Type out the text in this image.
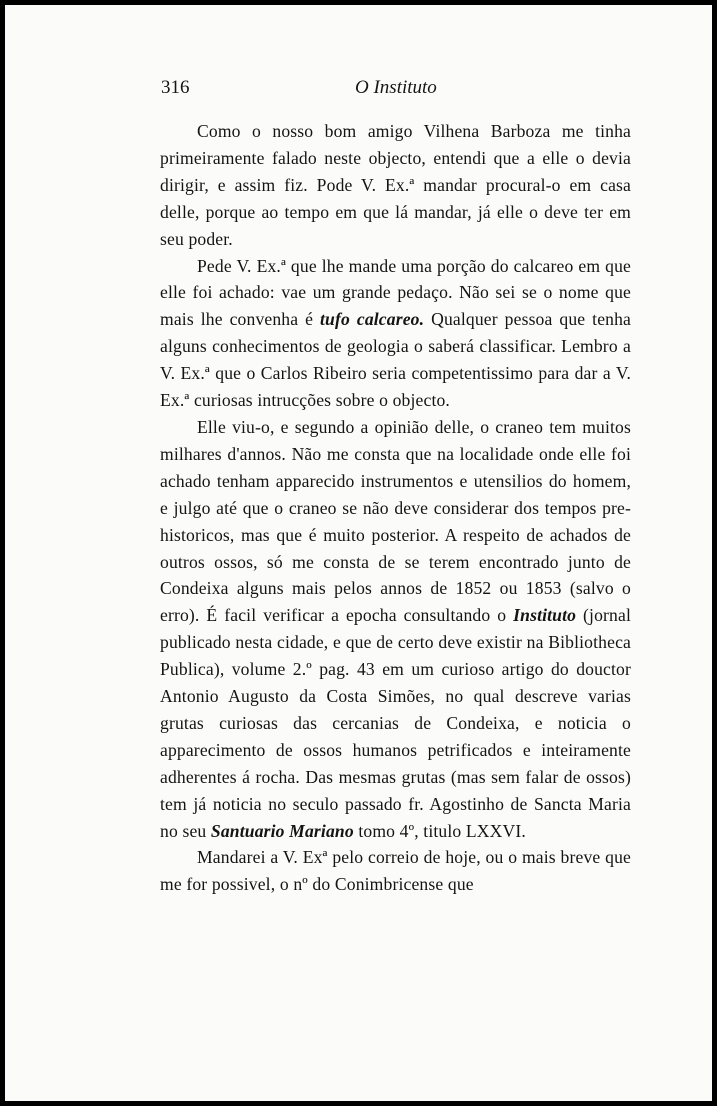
316	O Instituto

Como o nosso bom amigo Vilhena Barboza me tinha primeiramente falado neste objecto, entendi que a elle o devia dirigir, e assim fiz. Pode V. Ex.ª mandar procural-o em casa delle, porque ao tempo em que lá mandar, já elle o deve ter em seu poder.

Pede V. Ex.ª que lhe mande uma porção do calcareo em que elle foi achado: vae um grande pedaço. Não sei se o nome que mais lhe convenha é tufo calcareo. Qualquer pessoa que tenha alguns conhecimentos de geologia o saberá classificar. Lembro a V. Ex.ª que o Carlos Ribeiro seria competentissimo para dar a V. Ex.ª curiosas intrucções sobre o objecto.

Elle viu-o, e segundo a opinião delle, o craneo tem muitos milhares d'annos. Não me consta que na localidade onde elle foi achado tenham apparecido instrumentos e utensilios do homem, e julgo até que o craneo se não deve considerar dos tempos pre-historicos, mas que é muito posterior. A respeito de achados de outros ossos, só me consta de se terem encontrado junto de Condeixa alguns mais pelos annos de 1852 ou 1853 (salvo o erro). É facil verificar a epocha consultando o Instituto (jornal publicado nesta cidade, e que de certo deve existir na Bibliotheca Publica), volume 2.º pag. 43 em um curioso artigo do douctor Antonio Augusto da Costa Simões, no qual descreve varias grutas curiosas das cercanias de Condeixa, e noticia o apparecimento de ossos humanos petrificados e inteiramente adherentes á rocha. Das mesmas grutas (mas sem falar de ossos) tem já noticia no seculo passado fr. Agostinho de Sancta Maria no seu Santuario Mariano tomo 4º, titulo LXXVI.

Mandarei a V. Exª pelo correio de hoje, ou o mais breve que me for possivel, o nº do Conimbricense que
